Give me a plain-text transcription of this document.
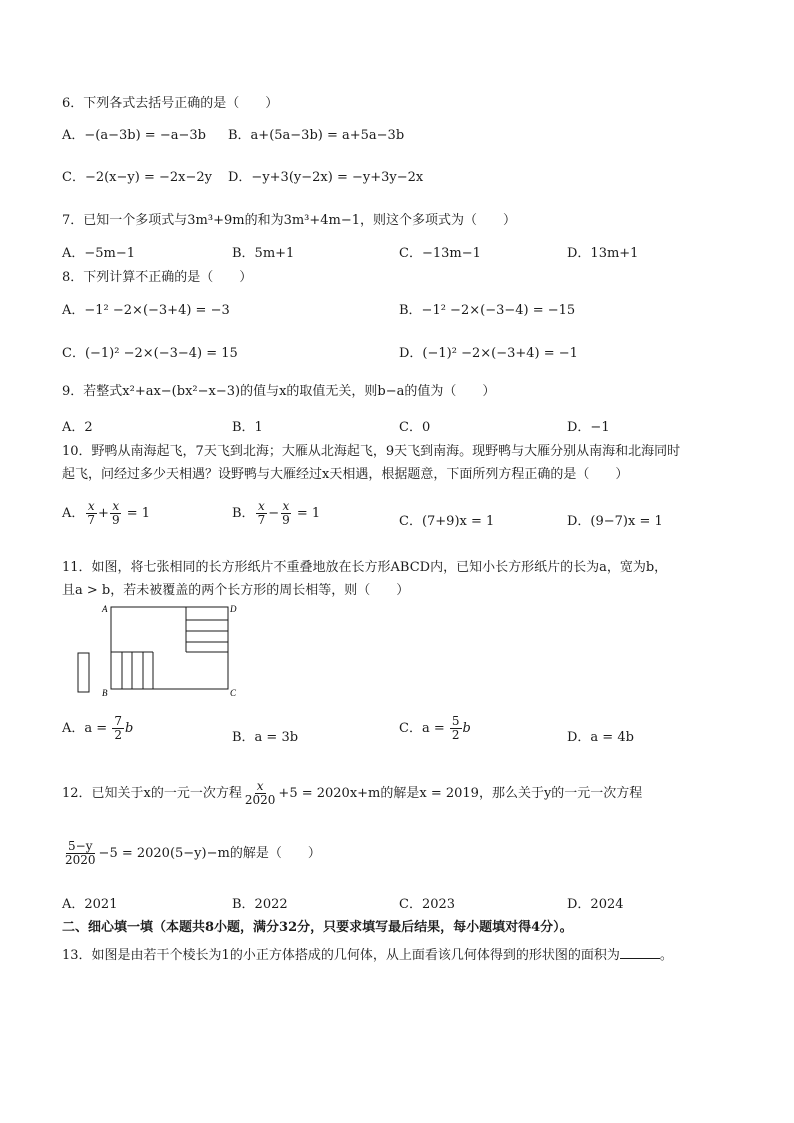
6．下列各式去括号正确的是（　　）
A．−(a−3b) = −a−3b B．a+(5a−3b) = a+5a−3b
C．−2(x−y) = −2x−2y D．−y+3(y−2x) = −y+3y−2x
7．已知一个多项式与3m³+9m的和为3m³+4m−1，则这个多项式为（　　）
A．−5m−1	B．5m+1	C．−13m−1	D．13m+1
8．下列计算不正确的是（　　）
A．−1² −2×(−3+4) = −3	B．−1² −2×(−3−4) = −15
C．(−1)² −2×(−3−4) = 15	D．(−1)² −2×(−3+4) = −1
9．若整式x²+ax−(bx²−x−3)的值与x的取值无关，则b−a的值为（　　）
A．2	B．1	C．0	D．−1
10．野鸭从南海起飞，7天飞到北海；大雁从北海起飞，9天飞到南海。现野鸭与大雁分别从南海和北海同时
起飞，问经过多少天相遇？设野鸭与大雁经过x天相遇，根据题意，下面所列方程正确的是（　　）
A． $\frac{x}{7} + \frac{x}{9} = 1$	B． $\frac{x}{7} - \frac{x}{9} = 1$
C．(7+9)x = 1	D．(9−7)x = 1
11．如图，将七张相同的长方形纸片不重叠地放在长方形ABCD内，已知小长方形纸片的长为a，宽为b，
且a > b，若未被覆盖的两个长方形的周长相等，则（　　）
A	D
B	C
A．$a = \frac{7}{2}$ b
B．a = 3b
C．$a = \frac{5}{2}$ b
D．a = 4b
12．已知关于x的一元一次方程 $\frac{x}{2020} +5 = 2020x+m$的解是x = 2019，那么关于y的一元一次方程
$\frac{5-y}{2020} -5 = 2020(5-y)-m$的解是（　　）
A．2021	B．2022	C．2023	D．2024
二、细心填一填（本题共8小题，满分32分，只要求填写最后结果，每小题填对得4分）。
13．如图是由若干个棱长为1的小正方体搭成的几何体，从上面看该几何体得到的形状图的面积为	。
